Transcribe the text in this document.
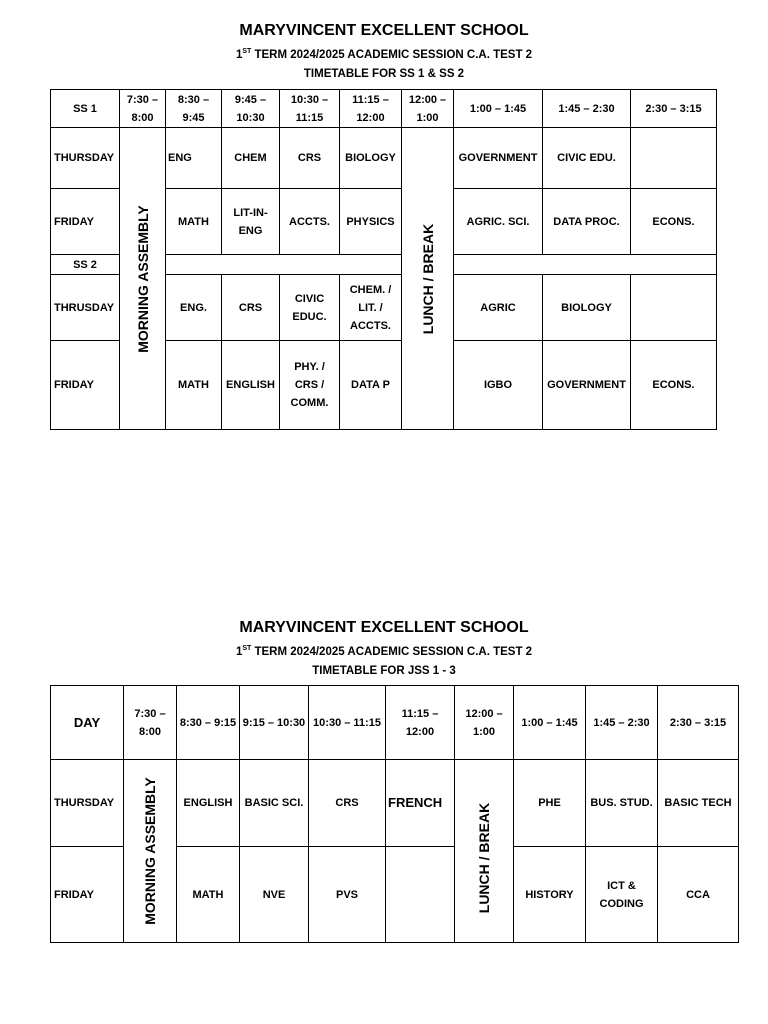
MARYVINCENT EXCELLENT SCHOOL
1ST TERM 2024/2025 ACADEMIC SESSION C.A. TEST 2
TIMETABLE FOR SS 1 & SS 2
SS 1	7:30 – 8:00	8:30 – 9:45	9:45 – 10:30	10:30 – 11:15	11:15 – 12:00	12:00 – 1:00	1:00 – 1:45	1:45 – 2:30	2:30 – 3:15
THURSDAY	MORNING ASSEMBLY	ENG	CHEM	CRS	BIOLOGY	LUNCH / BREAK	GOVERNMENT	CIVIC EDU.	
FRIDAY		MATH	LIT-IN-ENG	ACCTS.	PHYSICS		AGRIC. SCI.	DATA PROC.	ECONS.
SS 2									
THRUSDAY		ENG.	CRS	CIVIC EDUC.	CHEM. / LIT. / ACCTS.		AGRIC	BIOLOGY	
FRIDAY		MATH	ENGLISH	PHY. / CRS / COMM.	DATA P		IGBO	GOVERNMENT	ECONS.
MARYVINCENT EXCELLENT SCHOOL
1ST TERM 2024/2025 ACADEMIC SESSION C.A. TEST 2
TIMETABLE FOR JSS 1 - 3
DAY	7:30 – 8:00	8:30 – 9:15	9:15 – 10:30	10:30 – 11:15	11:15 – 12:00	12:00 – 1:00	1:00 – 1:45	1:45 – 2:30	2:30 – 3:15
THURSDAY	MORNING ASSEMBLY	ENGLISH	BASIC SCI.	CRS	FRENCH	LUNCH / BREAK	PHE	BUS. STUD.	BASIC TECH
FRIDAY		MATH	NVE	PVS			HISTORY	ICT & CODING	CCA
